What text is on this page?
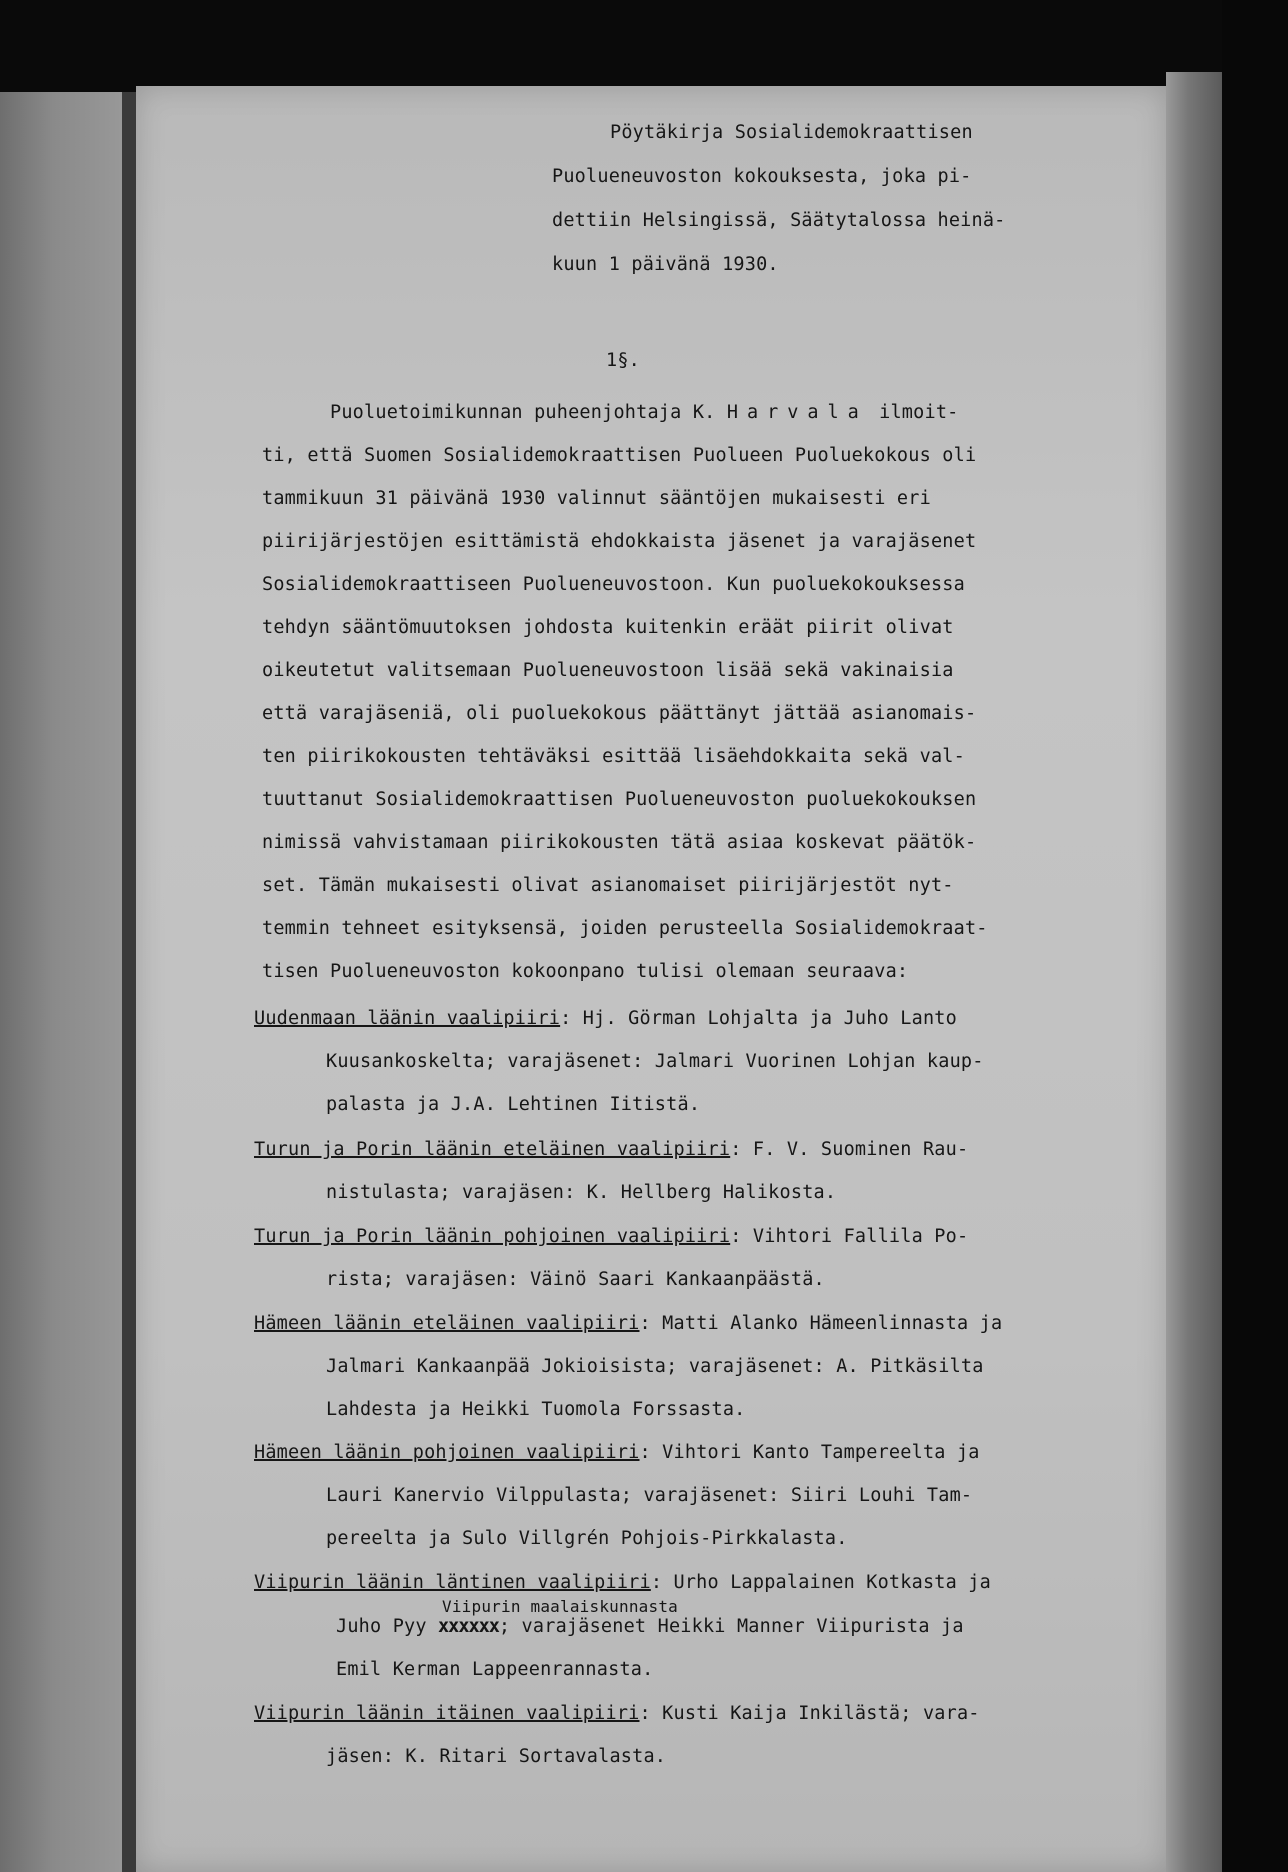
Pöytäkirja Sosialidemokraattisen
Puolueneuvoston kokouksesta, joka pi-
dettiin Helsingissä, Säätytalossa heinä-
kuun 1 päivänä 1930.
1§.
Puoluetoimikunnan puheenjohtaja K. Harvala ilmoit-
ti, että Suomen Sosialidemokraattisen Puolueen Puoluekokous oli
tammikuun 31 päivänä 1930 valinnut sääntöjen mukaisesti eri
piirijärjestöjen esittämistä ehdokkaista jäsenet ja varajäsenet
Sosialidemokraattiseen Puolueneuvostoon. Kun puoluekokouksessa
tehdyn sääntömuutoksen johdosta kuitenkin eräät piirit olivat
oikeutetut valitsemaan Puolueneuvostoon lisää sekä vakinaisia
että varajäseniä, oli puoluekokous päättänyt jättää asianomais-
ten piirikokousten tehtäväksi esittää lisäehdokkaita sekä val-
tuuttanut Sosialidemokraattisen Puolueneuvoston puoluekokouksen
nimissä vahvistamaan piirikokousten tätä asiaa koskevat päätök-
set. Tämän mukaisesti olivat asianomaiset piirijärjestöt nyt-
temmin tehneet esityksensä, joiden perusteella Sosialidemokraat-
tisen Puolueneuvoston kokoonpano tulisi olemaan seuraava:
Uudenmaan läänin vaalipiiri: Hj. Görman Lohjalta ja Juho Lanto
Kuusankoskelta; varajäsenet: Jalmari Vuorinen Lohjan kaup-
palasta ja J.A. Lehtinen Iitistä.
Turun ja Porin läänin eteläinen vaalipiiri: F. V. Suominen Rau-
nistulasta; varajäsen: K. Hellberg Halikosta.
Turun ja Porin läänin pohjoinen vaalipiiri: Vihtori Fallila Po-
rista; varajäsen: Väinö Saari Kankaanpäästä.
Hämeen läänin eteläinen vaalipiiri: Matti Alanko Hämeenlinnasta ja
Jalmari Kankaanpää Jokioisista; varajäsenet: A. Pitkäsilta
Lahdesta ja Heikki Tuomola Forssasta.
Hämeen läänin pohjoinen vaalipiiri: Vihtori Kanto Tampereelta ja
Lauri Kanervio Vilppulasta; varajäsenet: Siiri Louhi Tam-
pereelta ja Sulo Villgrén Pohjois-Pirkkalasta.
Viipurin läänin läntinen vaalipiiri: Urho Lappalainen Kotkasta ja
Viipurin maalaiskunnasta
Juho Pyy xxxxxx; varajäsenet Heikki Manner Viipurista ja
Emil Kerman Lappeenrannasta.
Viipurin läänin itäinen vaalipiiri: Kusti Kaija Inkilästä; vara-
jäsen: K. Ritari Sortavalasta.
